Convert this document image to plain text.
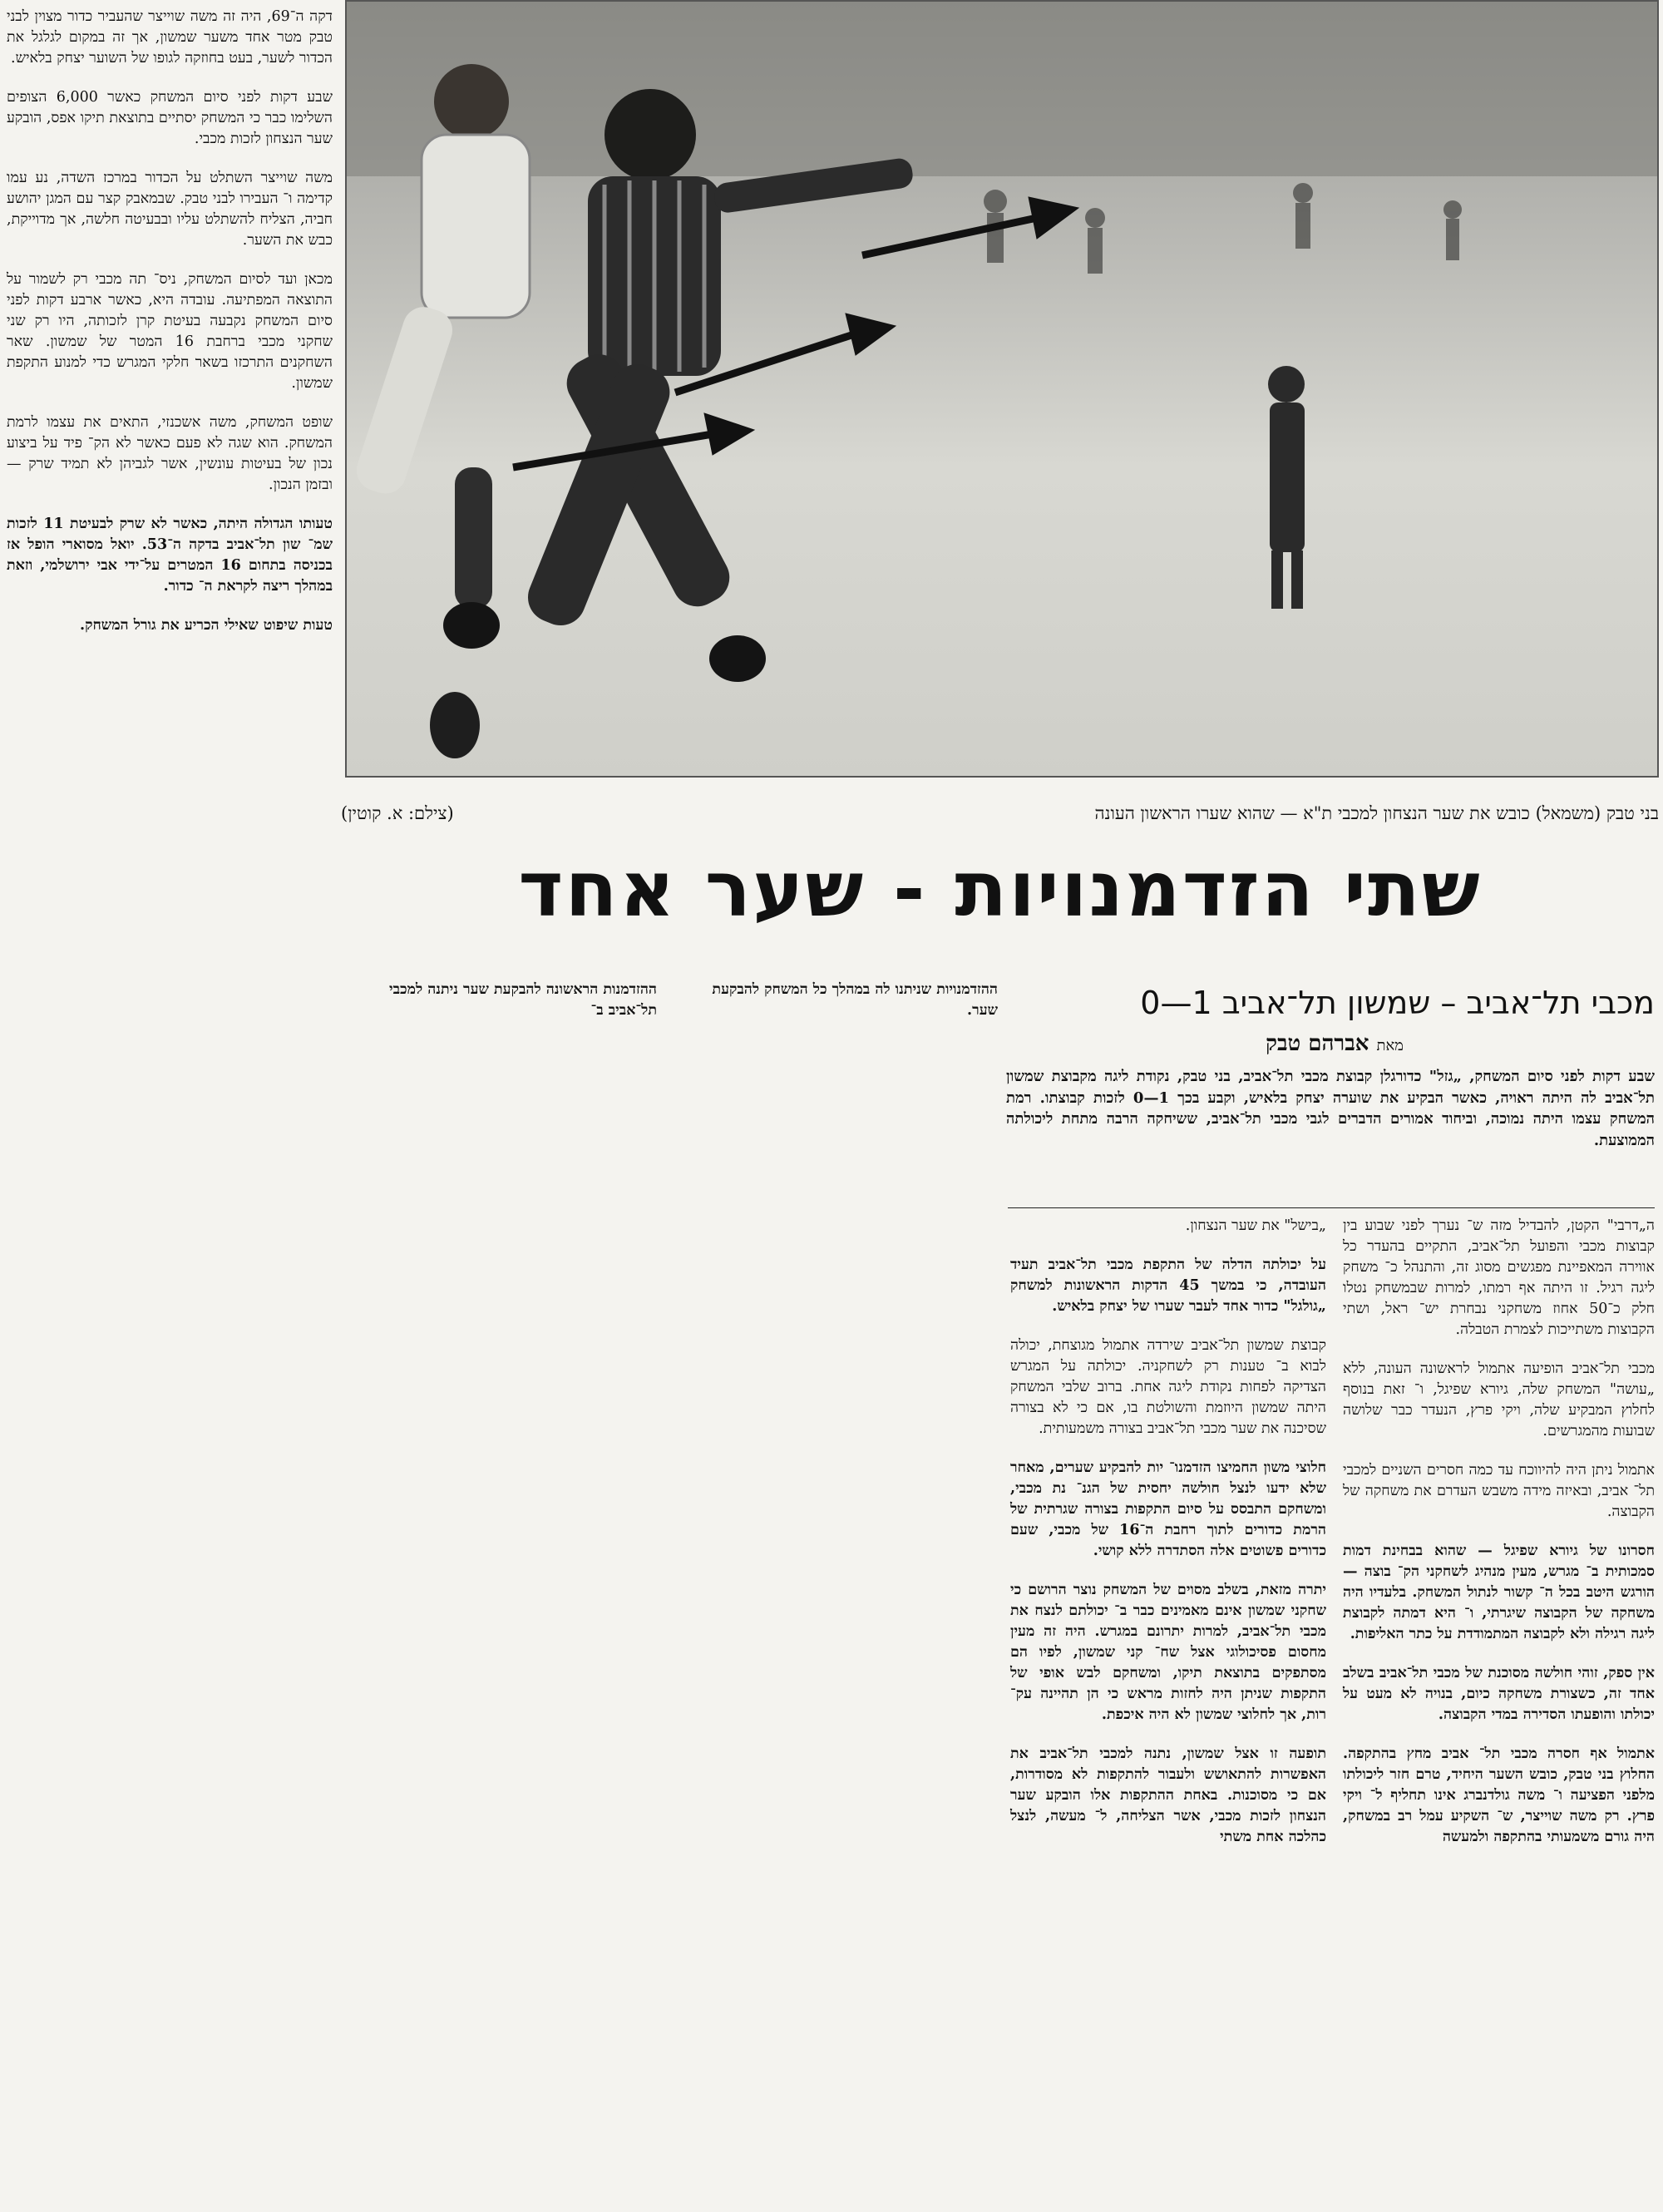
דקה ה־69, היה זה משה שוייצר שהעביר כדור מצוין לבני טבק מטר אחד משער שמשון, אך זה במקום לגלגל את הכדור לשער, בעט בחוזקה לגופו של השוער יצחק בלאיש.

שבע דקות לפני סיום המשחק כאשר 6,000 הצופים השלימו כבר כי המשחק יסתיים בתוצאת תיקו אפס, הובקע שער הנצחון לזכות מכבי.

משה שוייצר השתלט על הכדור במרכז השדה, נע עמו קדימה ו־ העבירו לבני טבק. שבמאבק קצר עם המגן יהושע חביה, הצליח להשתלט עליו ובבעיטה חלשה, אך מדוייקת, כבש את השער.

מכאן ועד לסיום המשחק, ניס־ תה מכבי רק לשמור על התוצאה המפתיעה. עובדה היא, כאשר ארבע דקות לפני סיום המשחק נקבעה בעיטת קרן לזכותה, היו רק שני שחקני מכבי ברחבת 16 המטר של שמשון. שאר השחקנים התרכזו בשאר חלקי המגרש כדי למנוע התקפת שמשון.

שופט המשחק, משה אשכנזי, התאים את עצמו לרמת המשחק. הוא שגה לא פעם כאשר לא הק־ פיד על ביצוע נכון של בעיטות עונשין, אשר לגביהן לא תמיד שרק — ובזמן הנכון.

טעותו הגדולה היתה, כאשר לא שרק לבעיטת 11 לזכות שמ־ שון תל־אביב בדקה ה־53. יואל מסוארי הופל אז בכניסה בתחום 16 המטרים על־ידי אבי ירושלמי, וזאת במהלך ריצה לקראת ה־ כדור.

טעות שיפוט שאילי הכריע את גורל המשחק.

בני טבק (משמאל) כובש את שער הנצחון למכבי ת"א — שהוא שערו הראשון העונה
(צילם: א. קוטין)
שתי הזדמנויות - שער אחד
מכבי תל־אביב – שמשון תל־אביב 1—0
מאת אברהם טבק
ההזדמנויות שניתנו לה במהלך כל המשחק להבקעת שער.
ההזדמנות הראשונה להבקעת שער ניתנה למכבי תל־אביב ב־
שבע דקות לפני סיום המשחק, „גזל" כדורגלן קבוצת מכבי תל־אביב, בני טבק, נקודת ליגה מקבוצת שמשון תל־אביב לה היתה ראויה, כאשר הבקיע את שוערה יצחק בלאיש, וקבע בכך 1—0 לזכות קבוצתו. רמת המשחק עצמו היתה נמוכה, וביחוד אמורים הדברים לגבי מכבי תל־אביב, ששיחקה הרבה מתחת ליכולתה הממוצעת.

ה„דרבי" הקטן, להבדיל מזה ש־ נערך לפני שבוע בין קבוצות מכבי והפועל תל־אביב, התקיים בהעדר כל אווירה המאפיינת מפגשים מסוג זה, והתנהל כ־ משחק ליגה רגיל. זו היתה אף רמתו, למרות שבמשחק נטלו חלק כ־50 אחוז משחקני נבחרת יש־ ראל, ושתי הקבוצות משתייכות לצמרת הטבלה.

מכבי תל־אביב הופיעה אתמול לראשונה העונה, ללא „עושה" המשחק שלה, גיורא שפיגל, ו־ זאת בנוסף לחלוץ המבקיע שלה, ויקי פרץ, הנעדר כבר שלושה שבועות מהמגרשים.

אתמול ניתן היה להיווכח עד כמה חסרים השניים למכבי תל־ אביב, ובאיזה מידה משבש העדרם את משחקה של הקבוצה.

חסרונו של גיורא שפיגל — שהוא בבחינת דמות סמכותית ב־ מגרש, מעין מנהיג לשחקני הק־ בוצה — הורגש היטב בכל ה־ קשור לנתול המשחק. בלעדיו היה משחקה של הקבוצה שיגרתי, ו־ היא דמתה לקבוצת ליגה רגילה ולא לקבוצה המתמודדת על כתר האליפות.

אין ספק, זוהי חולשה מסוכנת של מכבי תל־אביב בשלב אחד זה, כשצורת משחקה כיום, בנויה לא מעט על יכולתו והופעתו הסדירה במדי הקבוצה.

אתמול אף חסרה מכבי תל־ אביב מחץ בהתקפה. החלוץ בני טבק, כובש השער היחיד, טרם חזר ליכולתו מלפני הפציעה ו־ משה גולדנברג אינו תחליף ל־ ויקי פרץ. רק משה שוייצר, ש־ השקיע עמל רב במשחק, היה גורם משמעותי בהתקפה ולמעשה

„בישל" את שער הנצחון.

על יכולתה הדלה של התקפת מכבי תל־אביב תעיד העובדה, כי במשך 45 הדקות הראשונות למשחק „גולגל" כדור אחד לעבר שערו של יצחק בלאיש.

קבוצת שמשון תל־אביב שירדה אתמול מגוצחת, יכולה לבוא ב־ טענות רק לשחקניה. יכולתה על המגרש הצדיקה לפחות נקודת ליגה אחת. ברוב שלבי המשחק היתה שמשון היוזמת והשולטת בו, אם כי לא בצורה שסיכנה את שער מכבי תל־אביב בצורה משמעותית.

חלוצי משון החמיצו הזדמנו־ יות להבקיע שערים, מאחר שלא ידעו לנצל חולשה יחסית של הגנ־ נת מכבי, ומשחקם התבסס על סיום התקפות בצורה שגרתית של הרמת כדורים לתוך רחבת ה־16 של מכבי, שעם כדורים פשוטים אלה הסתדרה ללא קושי.

יתרה מזאת, בשלב מסוים של המשחק נוצר הרושם כי שחקני שמשון אינם מאמינים כבר ב־ יכולתם לנצח את מכבי תל־אביב, למרות יתרונם במגרש. היה זה מעין מחסום פסיכולוגי אצל שח־ קני שמשון, לפיו הם מסתפקים בתוצאת תיקו, ומשחקם לבש אופי של התקפות שניתן היה לחזות מראש כי הן תהיינה עק־ רות, אך לחלוצי שמשון לא היה איכפת.

תופעה זו אצל שמשון, נתנה למכבי תל־אביב את האפשרות להתאושש ולעבור להתקפות לא מסודרות, אם כי מסוכנות. באחת ההתקפות אלו הובקע שער הנצחון לזכות מכבי, אשר הצליחה, ל־ מעשה, לנצל כהלכה אחת משתי
